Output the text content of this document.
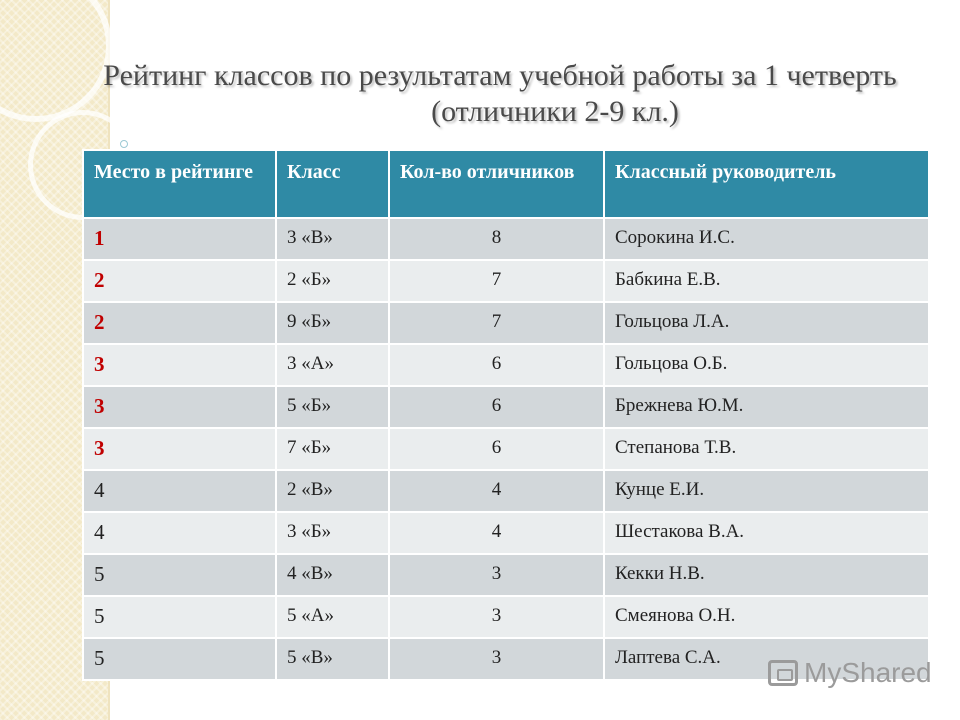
Рейтинг классов по результатам учебной работы за 1 четверть
(отличники 2-9 кл.)
Место в рейтинге	Класс	Кол-во отличников	Классный руководитель
1	3 «В»	8	Сорокина И.С.
2	2 «Б»	7	Бабкина Е.В.
2	9 «Б»	7	Гольцова Л.А.
3	3 «А»	6	Гольцова О.Б.
3	5 «Б»	6	Брежнева Ю.М.
3	7 «Б»	6	Степанова Т.В.
4	2 «В»	4	Кунце Е.И.
4	3 «Б»	4	Шестакова В.А.
5	4 «В»	3	Кекки Н.В.
5	5 «А»	3	Смеянова О.Н.
5	5 «В»	3	Лаптева С.А.	MyShared
